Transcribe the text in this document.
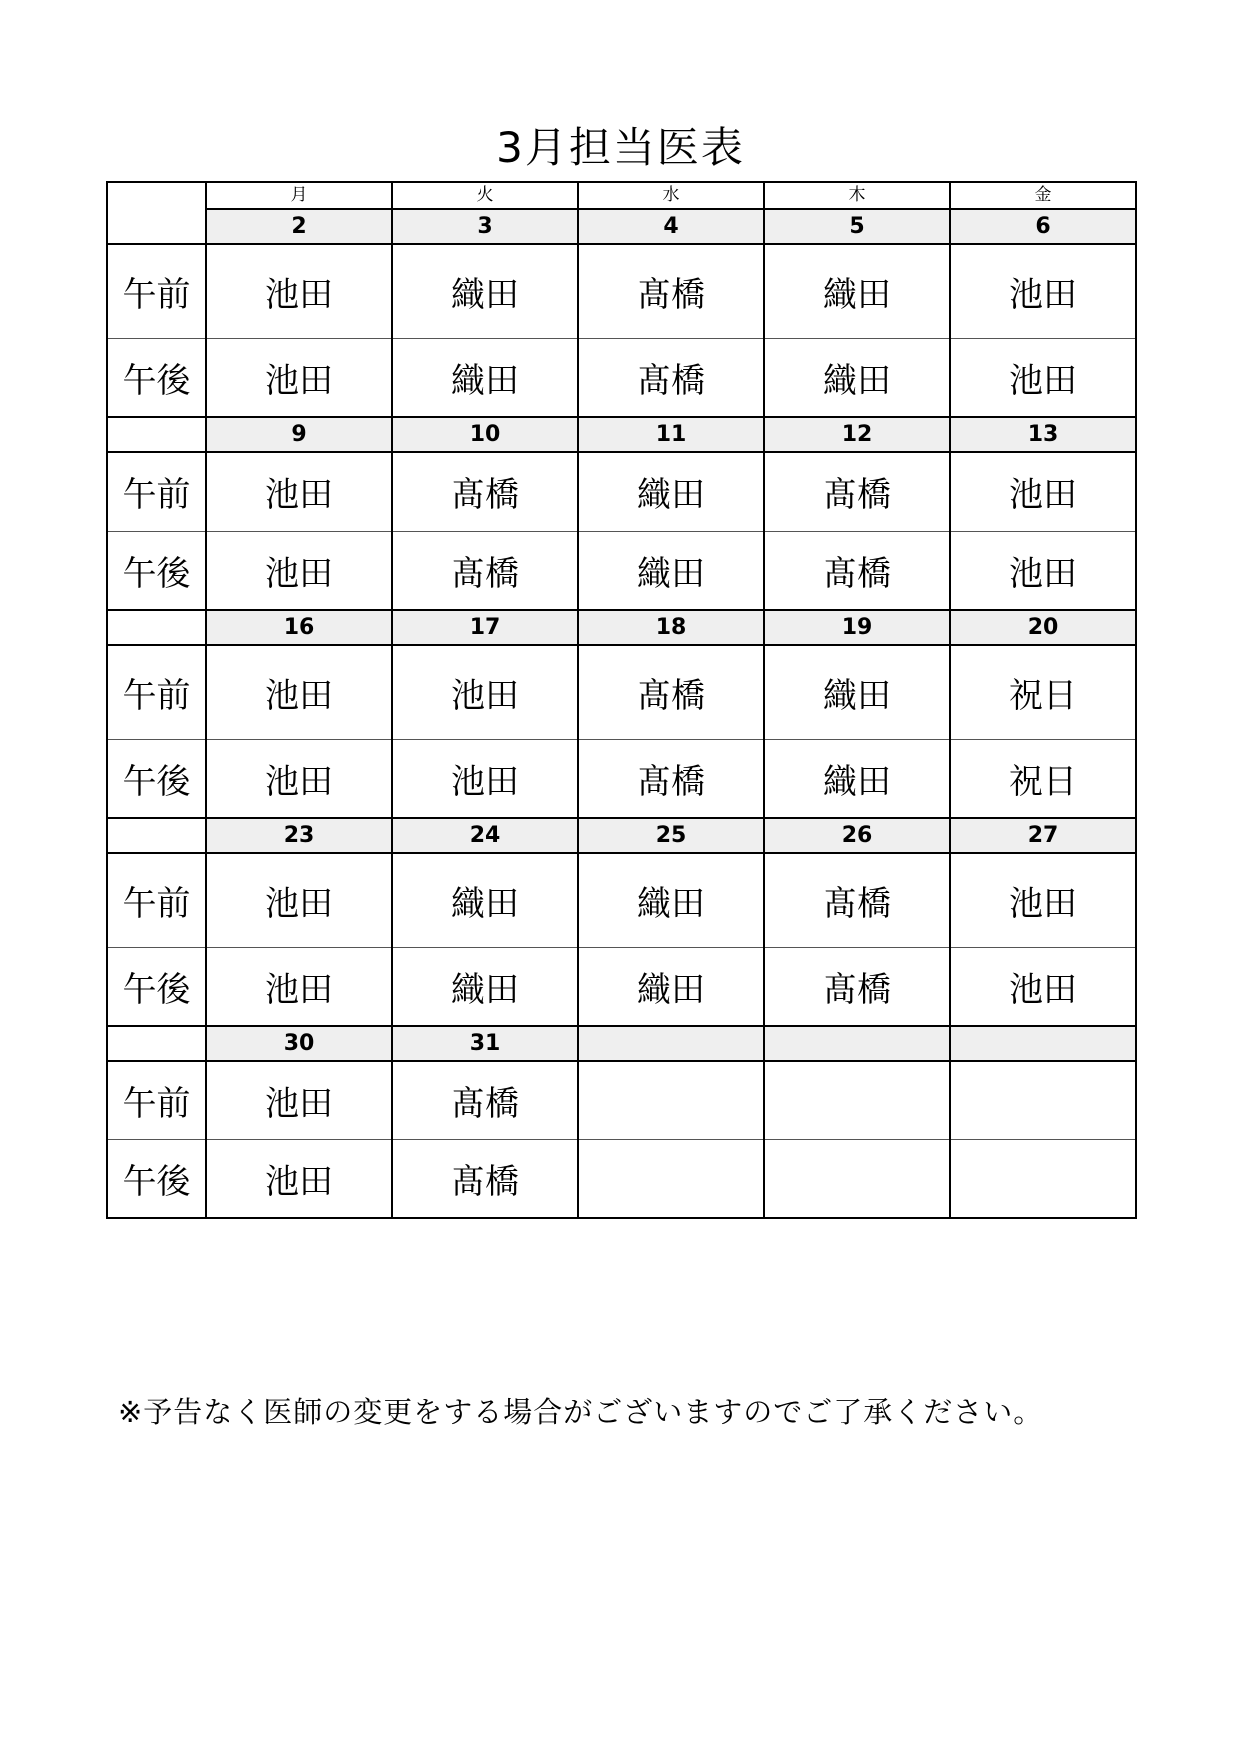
3月担当医表
	月	火	水	木	金
	2	3	4	5	6
午前	池田	織田	髙橋	織田	池田
午後	池田	織田	髙橋	織田	池田
	9	10	11	12	13
午前	池田	髙橋	織田	髙橋	池田
午後	池田	髙橋	織田	髙橋	池田
	16	17	18	19	20
午前	池田	池田	髙橋	織田	祝日
午後	池田	池田	髙橋	織田	祝日
	23	24	25	26	27
午前	池田	織田	織田	髙橋	池田
午後	池田	織田	織田	髙橋	池田
	30	31			
午前	池田	髙橋			
午後	池田	髙橋			
※予告なく医師の変更をする場合がございますのでご了承ください。
